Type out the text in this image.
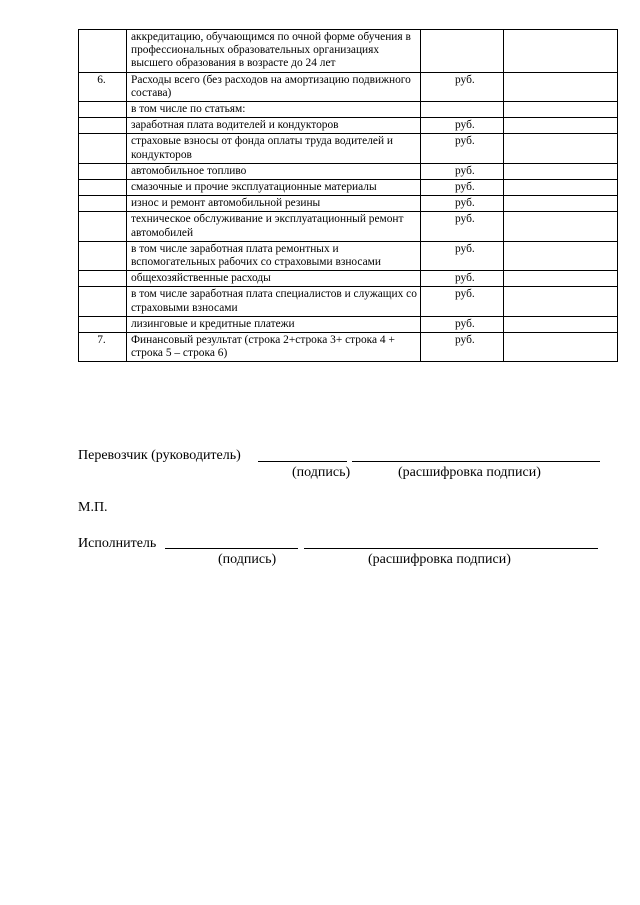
	аккредитацию, обучающимся по очной форме обучения в профессиональных образовательных организациях высшего образования в возрасте до 24 лет		
6.	Расходы всего (без расходов на амортизацию подвижного состава)	руб.	
	в том числе по статьям:		
	заработная плата водителей и кондукторов	руб.	
	страховые взносы от фонда оплаты труда водителей и кондукторов	руб.	
	автомобильное топливо	руб.	
	смазочные и прочие эксплуатационные материалы	руб.	
	износ и ремонт автомобильной резины	руб.	
	техническое обслуживание и эксплуатационный ремонт автомобилей	руб.	
	в том числе заработная плата ремонтных и вспомогательных рабочих со страховыми взносами	руб.	
	общехозяйственные расходы	руб.	
	в том числе заработная плата специалистов и служащих со страховыми взносами	руб.	
	лизинговые и кредитные платежи	руб.	
7.	Финансовый результат (строка 2+строка 3+ строка 4 + строка 5 – строка 6)	руб.	
Перевозчик (руководитель)
(подпись)	(расшифровка подписи)
М.П.
Исполнитель
(подпись)	(расшифровка подписи)
